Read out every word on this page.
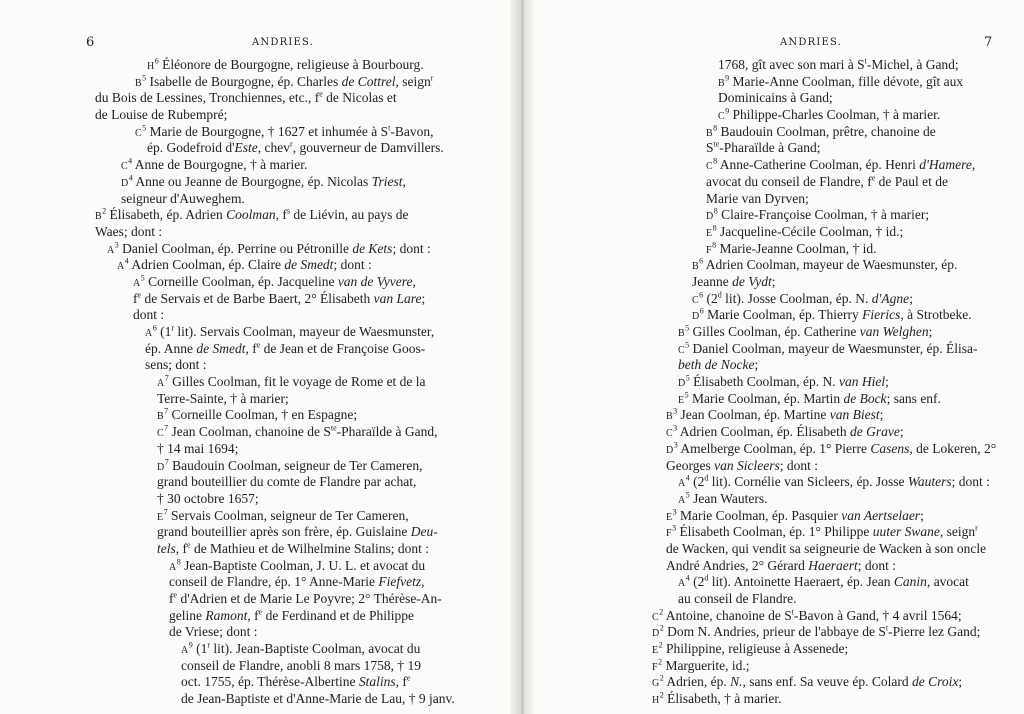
6	ANDRIES.
$H^6$ Éléonore de Bourgogne, religieuse à Bourbourg.
$B^5$ Isabelle de Bourgogne, ép. Charles de Cottrel, seign$^r$
du Bois de Lessines, Tronchiennes, etc., $f^e$ de Nicolas et
de Louise de Rubempré;
$C^5$ Marie de Bourgogne, † 1627 et inhumée à $S^t$-Bavon,
ép. Godefroid d'Este, chev$^r$, gouverneur de Damvillers.
$C^4$ Anne de Bourgogne, † à marier.
$D^4$ Anne ou Jeanne de Bourgogne, ép. Nicolas Triest,
seigneur d'Auweghem.
$B^2$ Élisabeth, ép. Adrien Coolman, $f^s$ de Liévin, au pays de
Waes; dont :
$A^3$ Daniel Coolman, ép. Perrine ou Pétronille de Kets; dont :
$A^4$ Adrien Coolman, ép. Claire de Smedt; dont :
$A^5$ Corneille Coolman, ép. Jacqueline van de Vyvere,
$f^e$ de Servais et de Barbe Baert, 2° Élisabeth van Lare;
dont :
$A^6$ (1$^r$ lit). Servais Coolman, mayeur de Waesmunster,
ép. Anne de Smedt, $f^e$ de Jean et de Françoise Goos-
sens; dont :
$A^7$ Gilles Coolman, fit le voyage de Rome et de la
Terre-Sainte, † à marier;
$B^7$ Corneille Coolman, † en Espagne;
$C^7$ Jean Coolman, chanoine de $S^{te}$-Pharaïlde à Gand,
† 14 mai 1694;
$D^7$ Baudouin Coolman, seigneur de Ter Cameren,
grand bouteillier du comte de Flandre par achat,
† 30 octobre 1657;
$E^7$ Servais Coolman, seigneur de Ter Cameren,
grand bouteillier après son frère, ép. Guislaine Deu-
tels, $f^e$ de Mathieu et de Wilhelmine Stalins; dont :
$A^8$ Jean-Baptiste Coolman, J. U. L. et avocat du
conseil de Flandre, ép. 1° Anne-Marie Fiefvetz,
$f^e$ d'Adrien et de Marie Le Poyvre; 2° Thérèse-An-
geline Ramont, $f^e$ de Ferdinand et de Philippe
de Vriese; dont :
$A^9$ (1$^r$ lit). Jean-Baptiste Coolman, avocat du
conseil de Flandre, anobli 8 mars 1758, † 19
oct. 1755, ép. Thérèse-Albertine Stalins, $f^e$
de Jean-Baptiste et d'Anne-Marie de Lau, † 9 janv.
ANDRIES.	7
1768, gît avec son mari à $S^t$-Michel, à Gand;
$B^9$ Marie-Anne Coolman, fille dévote, gît aux
Dominicains à Gand;
$C^9$ Philippe-Charles Coolman, † à marier.
$B^8$ Baudouin Coolman, prêtre, chanoine de
$S^{te}$-Pharaïlde à Gand;
$C^8$ Anne-Catherine Coolman, ép. Henri d'Hamere,
avocat du conseil de Flandre, $f^e$ de Paul et de
Marie van Dyrven;
$D^8$ Claire-Françoise Coolman, † à marier;
$E^8$ Jacqueline-Cécile Coolman, † id.;
$F^8$ Marie-Jeanne Coolman, † id.
$B^6$ Adrien Coolman, mayeur de Waesmunster, ép.
Jeanne de Vydt;
$C^6$ (2$^d$ lit). Josse Coolman, ép. N. d'Agne;
$D^6$ Marie Coolman, ép. Thierry Fierics, à Strotbeke.
$B^5$ Gilles Coolman, ép. Catherine van Welghen;
$C^5$ Daniel Coolman, mayeur de Waesmunster, ép. Élisa-
beth de Nocke;
$D^5$ Élisabeth Coolman, ép. N. van Hiel;
$E^5$ Marie Coolman, ép. Martin de Bock; sans enf.
$B^3$ Jean Coolman, ép. Martine van Biest;
$C^3$ Adrien Coolman, ép. Élisabeth de Grave;
$D^3$ Amelberge Coolman, ép. 1° Pierre Casens, de Lokeren, 2°
Georges van Sicleers; dont :
$A^4$ (2$^d$ lit). Cornélie van Sicleers, ép. Josse Wauters; dont :
$A^5$ Jean Wauters.
$E^3$ Marie Coolman, ép. Pasquier van Aertselaer;
$F^3$ Élisabeth Coolman, ép. 1° Philippe uuter Swane, seign$^r$
de Wacken, qui vendit sa seigneurie de Wacken à son oncle
André Andries, 2° Gérard Haeraert; dont :
$A^4$ (2$^d$ lit). Antoinette Haeraert, ép. Jean Canin, avocat
au conseil de Flandre.
$C^2$ Antoine, chanoine de $S^t$-Bavon à Gand, † 4 avril 1564;
$D^2$ Dom N. Andries, prieur de l'abbaye de $S^t$-Pierre lez Gand;
$E^2$ Philippine, religieuse à Assenede;
$F^2$ Marguerite, id.;
$G^2$ Adrien, ép. N., sans enf. Sa veuve ép. Colard de Croix;
$H^2$ Élisabeth, † à marier.
